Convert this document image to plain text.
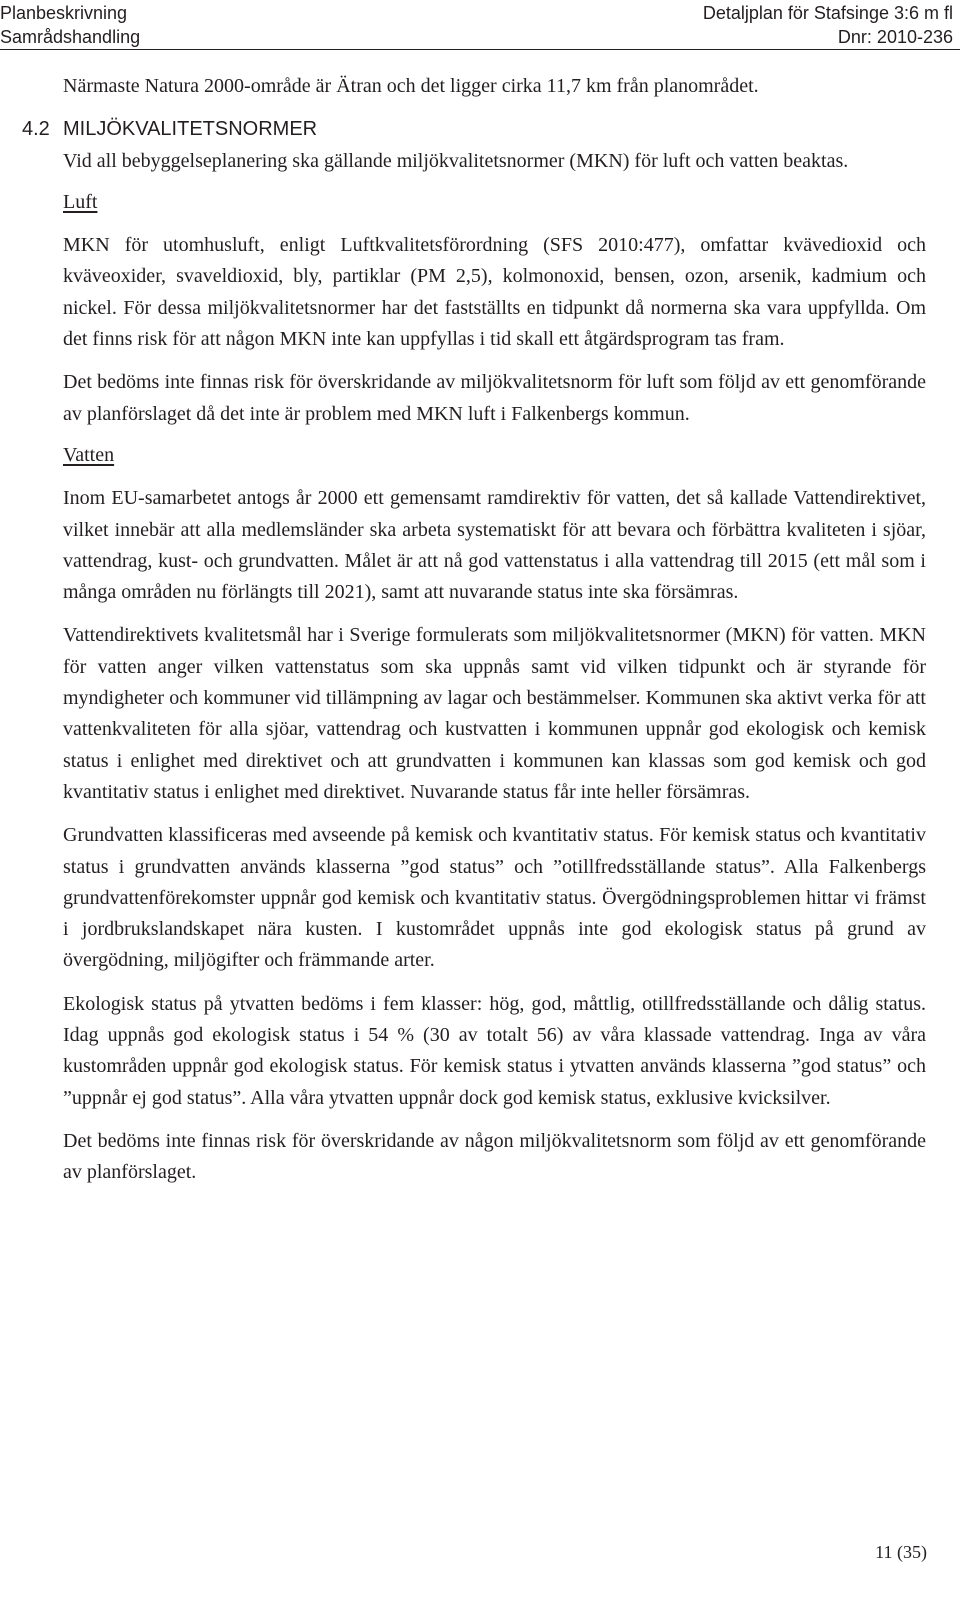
Planbeskrivning
Samrådshandling
Detaljplan för Stafsinge 3:6 m fl
Dnr: 2010-236

Närmaste Natura 2000-område är Ätran och det ligger cirka 11,7 km från planområdet.

4.2 MILJÖKVALITETSNORMER

Vid all bebyggelseplanering ska gällande miljökvalitetsnormer (MKN) för luft och vatten beaktas.

Luft

MKN för utomhusluft, enligt Luftkvalitetsförordning (SFS 2010:477), omfattar kvävedioxid och kväveoxider, svaveldioxid, bly, partiklar (PM 2,5), kolmonoxid, bensen, ozon, arsenik, kadmium och nickel. För dessa miljökvalitetsnormer har det fastställts en tidpunkt då normerna ska vara uppfyllda. Om det finns risk för att någon MKN inte kan uppfyllas i tid skall ett åtgärdsprogram tas fram.

Det bedöms inte finnas risk för överskridande av miljökvalitetsnorm för luft som följd av ett genomförande av planförslaget då det inte är problem med MKN luft i Falkenbergs kommun.

Vatten

Inom EU-samarbetet antogs år 2000 ett gemensamt ramdirektiv för vatten, det så kallade Vattendirektivet, vilket innebär att alla medlemsländer ska arbeta systematiskt för att bevara och förbättra kvaliteten i sjöar, vattendrag, kust- och grundvatten. Målet är att nå god vattenstatus i alla vattendrag till 2015 (ett mål som i många områden nu förlängts till 2021), samt att nuvarande status inte ska försämras.

Vattendirektivets kvalitetsmål har i Sverige formulerats som miljökvalitetsnormer (MKN) för vatten. MKN för vatten anger vilken vattenstatus som ska uppnås samt vid vilken tidpunkt och är styrande för myndigheter och kommuner vid tillämpning av lagar och bestämmelser. Kommunen ska aktivt verka för att vattenkvaliteten för alla sjöar, vattendrag och kustvatten i kommunen uppnår god ekologisk och kemisk status i enlighet med direktivet och att grundvatten i kommunen kan klassas som god kemisk och god kvantitativ status i enlighet med direktivet. Nuvarande status får inte heller försämras.

Grundvatten klassificeras med avseende på kemisk och kvantitativ status. För kemisk status och kvantitativ status i grundvatten används klasserna ”god status” och ”otillfredsställande status”. Alla Falkenbergs grundvattenförekomster uppnår god kemisk och kvantitativ status. Övergödningsproblemen hittar vi främst i jordbrukslandskapet nära kusten. I kustområdet uppnås inte god ekologisk status på grund av övergödning, miljögifter och främmande arter.

Ekologisk status på ytvatten bedöms i fem klasser: hög, god, måttlig, otillfredsställande och dålig status. Idag uppnås god ekologisk status i 54 % (30 av totalt 56) av våra klassade vattendrag. Inga av våra kustområden uppnår god ekologisk status. För kemisk status i ytvatten används klasserna ”god status” och ”uppnår ej god status”. Alla våra ytvatten uppnår dock god kemisk status, exklusive kvicksilver.

Det bedöms inte finnas risk för överskridande av någon miljökvalitetsnorm som följd av ett genomförande av planförslaget.

11 (35)
